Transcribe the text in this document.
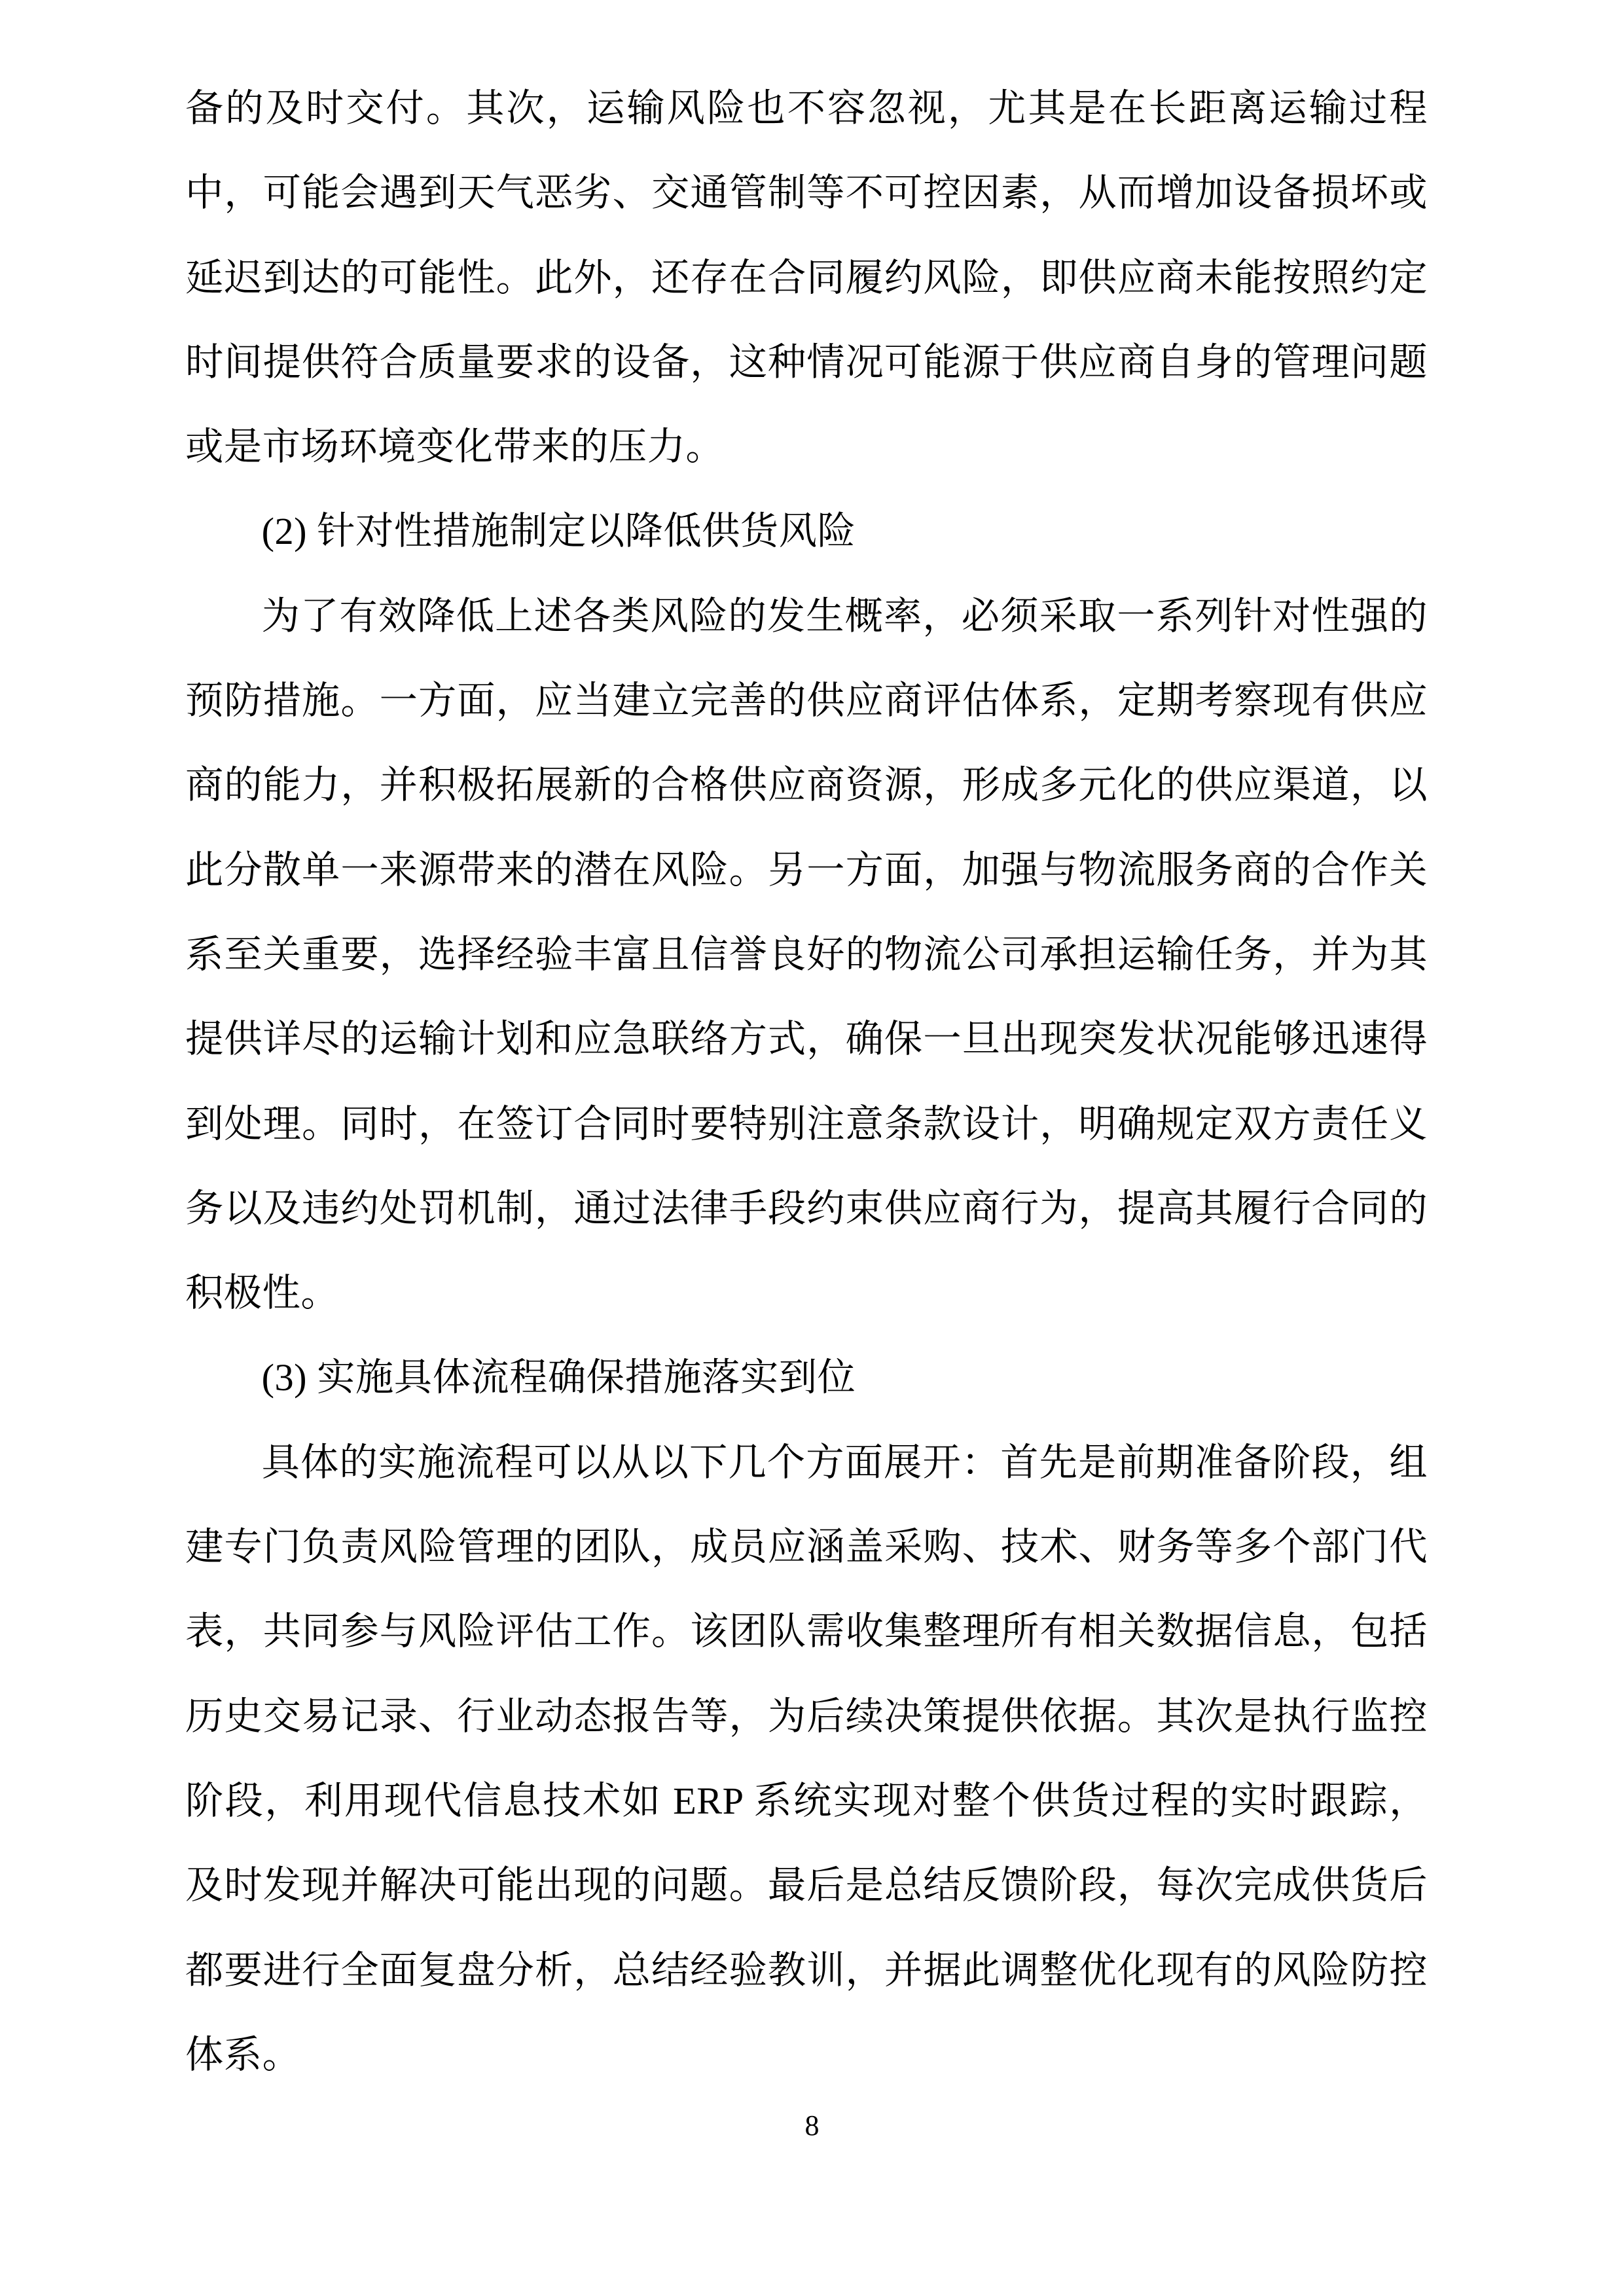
备的及时交付。其次，运输风险也不容忽视，尤其是在长距离运输过程中，可能会遇到天气恶劣、交通管制等不可控因素，从而增加设备损坏或延迟到达的可能性。此外，还存在合同履约风险，即供应商未能按照约定时间提供符合质量要求的设备，这种情况可能源于供应商自身的管理问题或是市场环境变化带来的压力。

(2) 针对性措施制定以降低供货风险

为了有效降低上述各类风险的发生概率，必须采取一系列针对性强的预防措施。一方面，应当建立完善的供应商评估体系，定期考察现有供应商的能力，并积极拓展新的合格供应商资源，形成多元化的供应渠道，以此分散单一来源带来的潜在风险。另一方面，加强与物流服务商的合作关系至关重要，选择经验丰富且信誉良好的物流公司承担运输任务，并为其提供详尽的运输计划和应急联络方式，确保一旦出现突发状况能够迅速得到处理。同时，在签订合同时要特别注意条款设计，明确规定双方责任义务以及违约处罚机制，通过法律手段约束供应商行为，提高其履行合同的积极性。

(3) 实施具体流程确保措施落实到位

具体的实施流程可以从以下几个方面展开：首先是前期准备阶段，组建专门负责风险管理的团队，成员应涵盖采购、技术、财务等多个部门代表，共同参与风险评估工作。该团队需收集整理所有相关数据信息，包括历史交易记录、行业动态报告等，为后续决策提供依据。其次是执行监控阶段，利用现代信息技术如 ERP 系统实现对整个供货过程的实时跟踪，及时发现并解决可能出现的问题。最后是总结反馈阶段，每次完成供货后都要进行全面复盘分析，总结经验教训，并据此调整优化现有的风险防控体系。

8
